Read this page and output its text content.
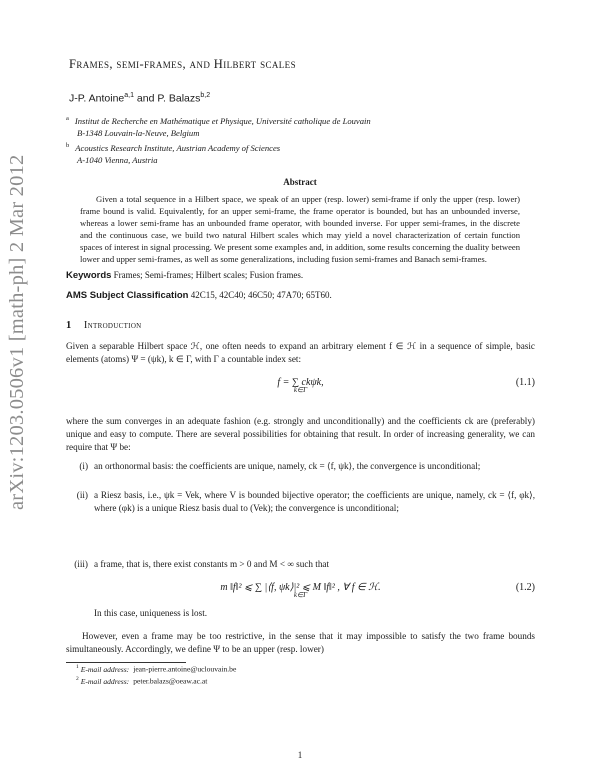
arXiv:1203.0506v1 [math-ph] 2 Mar 2012
Frames, semi-frames, and Hilbert scales
J-P. Antoine$^{a,1}$ and P. Balazs$^{b,2}$
$^a$ Institut de Recherche en Mathématique et Physique, Université catholique de Louvain
B-1348 Louvain-la-Neuve, Belgium
$^b$ Acoustics Research Institute, Austrian Academy of Sciences
A-1040 Vienna, Austria
Abstract
Given a total sequence in a Hilbert space, we speak of an upper (resp. lower) semi-frame if only the upper (resp. lower) frame bound is valid. Equivalently, for an upper semi-frame, the frame operator is bounded, but has an unbounded inverse, whereas a lower semi-frame has an unbounded frame operator, with bounded inverse. For upper semi-frames, in the discrete and the continuous case, we build two natural Hilbert scales which may yield a novel characterization of certain function spaces of interest in signal processing. We present some examples and, in addition, some results concerning the duality between lower and upper semi-frames, as well as some generalizations, including fusion semi-frames and Banach semi-frames.
Keywords Frames; Semi-frames; Hilbert scales; Fusion frames.
AMS Subject Classification 42C15, 42C40; 46C50; 47A70; 65T60.
1 Introduction
Given a separable Hilbert space ℋ, one often needs to expand an arbitrary element f ∈ ℋ in a sequence of simple, basic elements (atoms) Ψ = (ψk), k ∈ Γ, with Γ a countable index set:
f = ∑ ckψk,
k∈Γ
(1.1)
where the sum converges in an adequate fashion (e.g. strongly and unconditionally) and the coefficients ck are (preferably) unique and easy to compute. There are several possibilities for obtaining that result. In order of increasing generality, we can require that Ψ be:
(i) an orthonormal basis: the coefficients are unique, namely, ck = ⟨f, ψk⟩, the convergence is unconditional;
(ii) a Riesz basis, i.e., ψk = Vek, where V is bounded bijective operator; the coefficients are unique, namely, ck = ⟨f, φk⟩, where (φk) is a unique Riesz basis dual to (Vek); the convergence is unconditional;
(iii) a frame, that is, there exist constants m > 0 and M < ∞ such that
m ‖f‖² ⩽ ∑ |⟨f, ψk⟩|² ⩽ M ‖f‖² , ∀ f ∈ ℋ.
k∈Γ
(1.2)
In this case, uniqueness is lost.
However, even a frame may be too restrictive, in the sense that it may impossible to satisfy the two frame bounds simultaneously. Accordingly, we define Ψ to be an upper (resp. lower)
$^1$ E-mail address: jean-pierre.antoine@uclouvain.be
$^2$ E-mail address: peter.balazs@oeaw.ac.at
1
